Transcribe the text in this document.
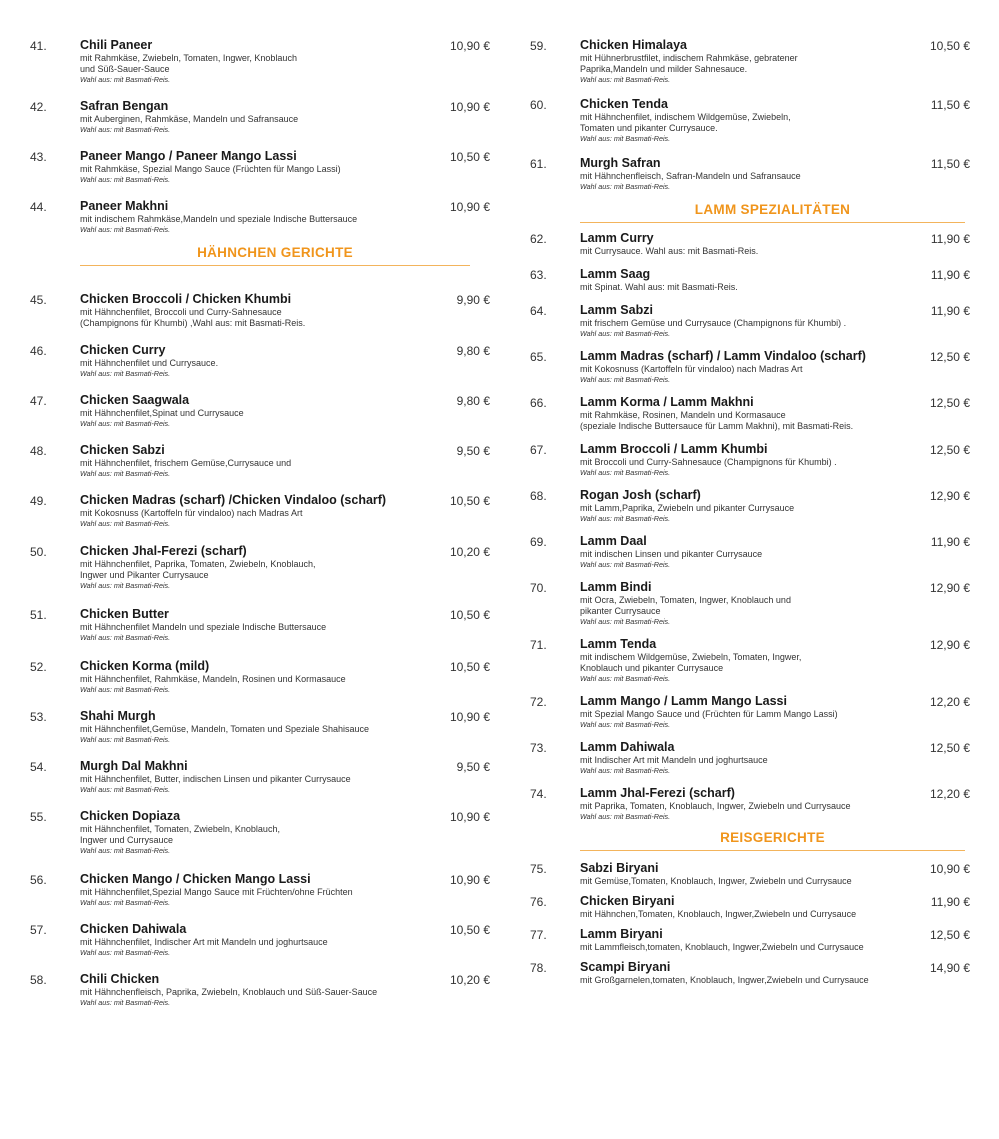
41.	Chili Paneer
mit Rahmkäse, Zwiebeln, Tomaten, Ingwer, Knoblauch
und Süß-Sauer-Sauce
Wahl aus: mit Basmati-Reis.
10,90 €
42.	Safran Bengan
mit Auberginen, Rahmkäse, Mandeln und Safransauce
Wahl aus: mit Basmati-Reis.
10,90 €
43.	Paneer Mango / Paneer Mango Lassi
mit Rahmkäse, Spezial Mango Sauce (Früchten für Mango Lassi)
Wahl aus: mit Basmati-Reis.
10,50 €
44.	Paneer Makhni
mit indischem Rahmkäse,Mandeln und speziale Indische Buttersauce
Wahl aus: mit Basmati-Reis.
10,90 €
HÄHNCHEN GERICHTE
45.	Chicken Broccoli / Chicken Khumbi
mit Hähnchenfilet, Broccoli und Curry-Sahnesauce
(Champignons für Khumbi) ,Wahl aus: mit Basmati-Reis.
9,90 €
46.	Chicken Curry
mit Hähnchenfilet und Currysauce.
Wahl aus: mit Basmati-Reis.
9,80 €
47.	Chicken Saagwala
mit Hähnchenfilet,Spinat und Currysauce
Wahl aus: mit Basmati-Reis.
9,80 €
48.	Chicken Sabzi
mit Hähnchenfilet, frischem Gemüse,Currysauce und
Wahl aus: mit Basmati-Reis.
9,50 €
49.	Chicken Madras (scharf) /Chicken Vindaloo (scharf)
mit Kokosnuss (Kartoffeln für vindaloo) nach Madras Art
Wahl aus: mit Basmati-Reis.
10,50 €
50.	Chicken Jhal-Ferezi (scharf)
mit Hähnchenfilet, Paprika, Tomaten, Zwiebeln, Knoblauch,
Ingwer und Pikanter Currysauce
Wahl aus: mit Basmati-Reis.
10,20 €
51.	Chicken Butter
mit Hähnchenfilet Mandeln und speziale Indische Buttersauce
Wahl aus: mit Basmati-Reis.
10,50 €
52.	Chicken Korma (mild)
mit Hähnchenfilet, Rahmkäse, Mandeln, Rosinen und Kormasauce
Wahl aus: mit Basmati-Reis.
10,50 €
53.	Shahi Murgh
mit Hähnchenfilet,Gemüse, Mandeln, Tomaten und Speziale Shahisauce
Wahl aus: mit Basmati-Reis.
10,90 €
54.	Murgh Dal Makhni
mit Hähnchenfilet, Butter, indischen Linsen und pikanter Currysauce
Wahl aus: mit Basmati-Reis.
9,50 €
55.	Chicken Dopiaza
mit Hähnchenfilet, Tomaten, Zwiebeln, Knoblauch,
Ingwer und Currysauce
Wahl aus: mit Basmati-Reis.
10,90 €
56.	Chicken Mango / Chicken Mango Lassi
mit Hähnchenfilet,Spezial Mango Sauce mit Früchten/ohne Früchten
Wahl aus: mit Basmati-Reis.
10,90 €
57.	Chicken Dahiwala
mit Hähnchenfilet, Indischer Art mit Mandeln und joghurtsauce
Wahl aus: mit Basmati-Reis.
10,50 €
58.	Chili Chicken
mit Hähnchenfleisch, Paprika, Zwiebeln, Knoblauch und Süß-Sauer-Sauce
Wahl aus: mit Basmati-Reis.
10,20 €
59.	Chicken Himalaya
mit Hühnerbrustfilet, indischem Rahmkäse, gebratener
Paprika,Mandeln und milder Sahnesauce.
Wahl aus: mit Basmati-Reis.
10,50 €
60.	Chicken Tenda
mit Hähnchenfilet, indischem Wildgemüse, Zwiebeln,
Tomaten und pikanter Currysauce.
Wahl aus: mit Basmati-Reis.
11,50 €
61.	Murgh Safran
mit Hähnchenfleisch, Safran-Mandeln und Safransauce
Wahl aus: mit Basmati-Reis.
11,50 €
LAMM SPEZIALITÄTEN
62.	Lamm Curry
mit Currysauce. Wahl aus: mit Basmati-Reis.
11,90 €
63.	Lamm Saag
mit Spinat. Wahl aus: mit Basmati-Reis.
11,90 €
64.	Lamm Sabzi
mit frischem Gemüse und Currysauce (Champignons für Khumbi) .
Wahl aus: mit Basmati-Reis.
11,90 €
65.	Lamm Madras (scharf) / Lamm Vindaloo (scharf)
mit Kokosnuss (Kartoffeln für vindaloo) nach Madras Art
Wahl aus: mit Basmati-Reis.
12,50 €
66.	Lamm Korma / Lamm Makhni
mit Rahmkäse, Rosinen, Mandeln und Kormasauce
(speziale Indische Buttersauce für Lamm Makhni), mit Basmati-Reis.
12,50 €
67.	Lamm Broccoli / Lamm Khumbi
mit Broccoli und Curry-Sahnesauce (Champignons für Khumbi) .
Wahl aus: mit Basmati-Reis.
12,50 €
68.	Rogan Josh (scharf)
mit Lamm,Paprika, Zwiebeln und pikanter Currysauce
Wahl aus: mit Basmati-Reis.
12,90 €
69.	Lamm Daal
mit indischen Linsen und pikanter Currysauce
Wahl aus: mit Basmati-Reis.
11,90 €
70.	Lamm Bindi
mit Ocra, Zwiebeln, Tomaten, Ingwer, Knoblauch und
pikanter Currysauce
Wahl aus: mit Basmati-Reis.
12,90 €
71.	Lamm Tenda
mit indischem Wildgemüse, Zwiebeln, Tomaten, Ingwer,
Knoblauch und pikanter Currysauce
Wahl aus: mit Basmati-Reis.
12,90 €
72.	Lamm Mango / Lamm Mango Lassi
mit Spezial Mango Sauce und (Früchten für Lamm Mango Lassi)
Wahl aus: mit Basmati-Reis.
12,20 €
73.	Lamm Dahiwala
mit Indischer Art mit Mandeln und joghurtsauce
Wahl aus: mit Basmati-Reis.
12,50 €
74.	Lamm Jhal-Ferezi (scharf)
mit Paprika, Tomaten, Knoblauch, Ingwer, Zwiebeln und Currysauce
Wahl aus: mit Basmati-Reis.
12,20 €
REISGERICHTE
75.	Sabzi Biryani
mit Gemüse,Tomaten, Knoblauch, Ingwer, Zwiebeln und Currysauce
10,90 €
76.	Chicken Biryani
mit Hähnchen,Tomaten, Knoblauch, Ingwer,Zwiebeln und Currysauce
11,90 €
77.	Lamm Biryani
mit Lammfleisch,tomaten, Knoblauch, Ingwer,Zwiebeln und Currysauce
12,50 €
78.	Scampi Biryani
mit Großgarnelen,tomaten, Knoblauch, Ingwer,Zwiebeln und Currysauce
14,90 €
